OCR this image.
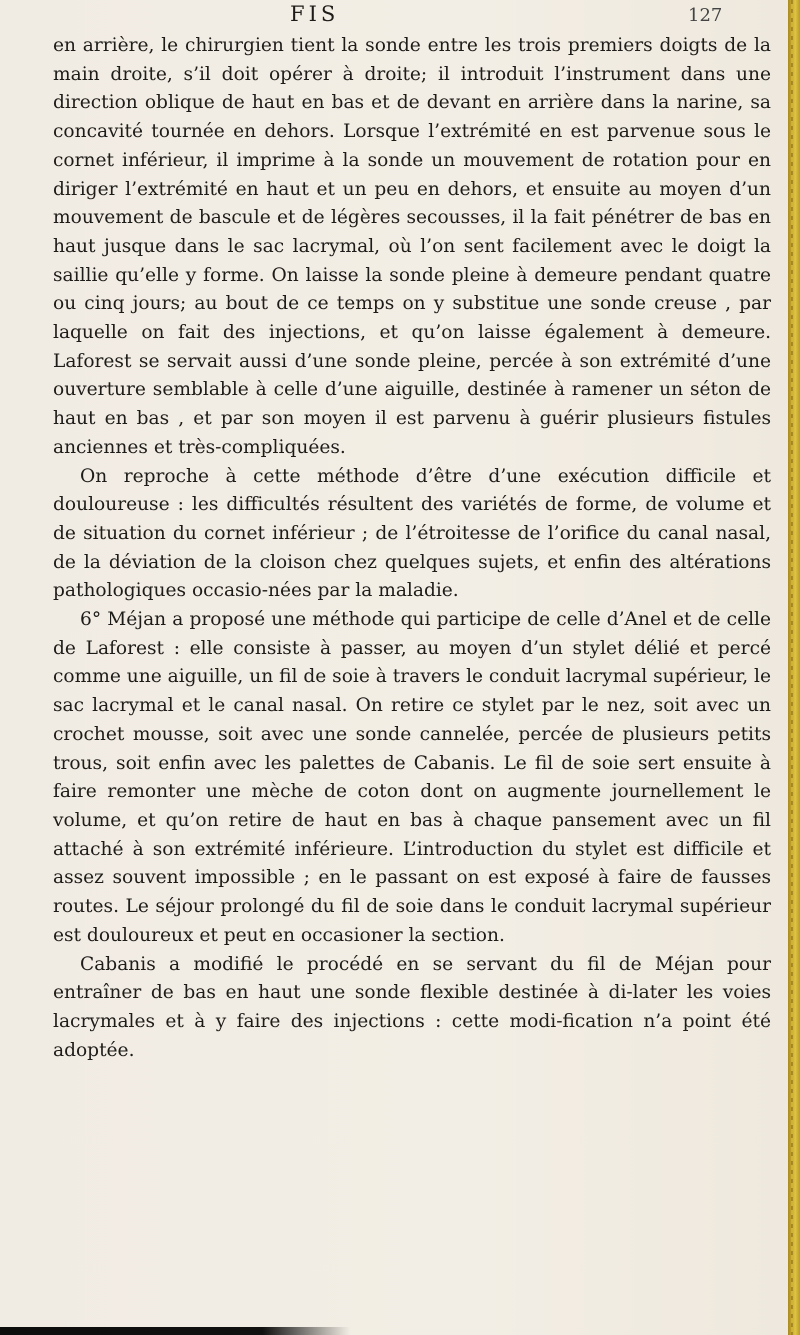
FIS	127

en arrière, le chirurgien tient la sonde entre les trois premiers doigts de la main droite, s’il doit opérer à droite; il introduit l’instrument dans une direction oblique de haut en bas et de devant en arrière dans la narine, sa concavité tournée en dehors. Lorsque l’extrémité en est parvenue sous le cornet inférieur, il imprime à la sonde un mouvement de rotation pour en diriger l’extrémité en haut et un peu en dehors, et ensuite au moyen d’un mouvement de bascule et de légères secousses, il la fait pénétrer de bas en haut jusque dans le sac lacrymal, où l’on sent facilement avec le doigt la saillie qu’elle y forme. On laisse la sonde pleine à demeure pendant quatre ou cinq jours; au bout de ce temps on y substitue une sonde creuse , par laquelle on fait des injections, et qu’on laisse également à demeure. Laforest se servait aussi d’une sonde pleine, percée à son extrémité d’une ouverture semblable à celle d’une aiguille, destinée à ramener un séton de haut en bas , et par son moyen il est parvenu à guérir plusieurs fistules anciennes et très-compliquées.

On reproche à cette méthode d’être d’une exécution difficile et douloureuse : les difficultés résultent des variétés de forme, de volume et de situation du cornet inférieur ; de l’étroitesse de l’orifice du canal nasal, de la déviation de la cloison chez quelques sujets, et enfin des altérations pathologiques occasio-nées par la maladie.

6° Méjan a proposé une méthode qui participe de celle d’Anel et de celle de Laforest : elle consiste à passer, au moyen d’un stylet délié et percé comme une aiguille, un fil de soie à travers le conduit lacrymal supérieur, le sac lacrymal et le canal nasal. On retire ce stylet par le nez, soit avec un crochet mousse, soit avec une sonde cannelée, percée de plusieurs petits trous, soit enfin avec les palettes de Cabanis. Le fil de soie sert ensuite à faire remonter une mèche de coton dont on augmente journellement le volume, et qu’on retire de haut en bas à chaque pansement avec un fil attaché à son extrémité inférieure. L’introduction du stylet est difficile et assez souvent impossible ; en le passant on est exposé à faire de fausses routes. Le séjour prolongé du fil de soie dans le conduit lacrymal supérieur est douloureux et peut en occasioner la section.

Cabanis a modifié le procédé en se servant du fil de Méjan pour entraîner de bas en haut une sonde flexible destinée à di-later les voies lacrymales et à y faire des injections : cette modi-fication n’a point été adoptée.
